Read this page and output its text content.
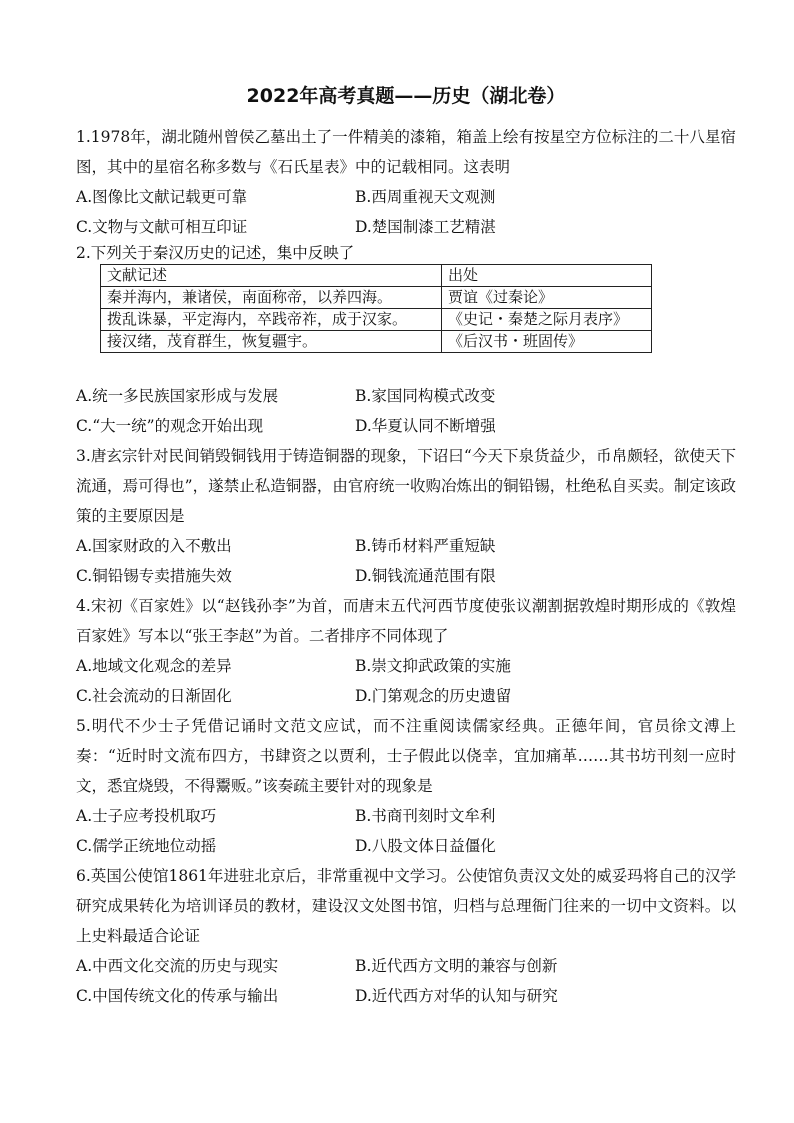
2022年高考真题——历史（湖北卷）

1.1978年，湖北随州曾侯乙墓出土了一件精美的漆箱，箱盖上绘有按星空方位标注的二十八星宿图，其中的星宿名称多数与《石氏星表》中的记载相同。这表明

A.图像比文献记载更可靠	B.西周重视天文观测
C.文物与文献可相互印证	D.楚国制漆工艺精湛

2.下列关于秦汉历史的记述，集中反映了

文献记述	出处
秦并海内，兼诸侯，南面称帝，以养四海。	贾谊《过秦论》
拨乱诛暴，平定海内，卒践帝祚，成于汉家。	《史记・秦楚之际月表序》
接汉绪，茂育群生，恢复疆宇。	《后汉书・班固传》
A.统一多民族国家形成与发展	B.家国同构模式改变
C.“大一统”的观念开始出现	D.华夏认同不断增强

3.唐玄宗针对民间销毁铜钱用于铸造铜器的现象，下诏曰“今天下泉货益少，币帛颇轻，欲使天下流通，焉可得也”，遂禁止私造铜器，由官府统一收购冶炼出的铜铅锡，杜绝私自买卖。制定该政策的主要原因是

A.国家财政的入不敷出	B.铸币材料严重短缺
C.铜铅锡专卖措施失效	D.铜钱流通范围有限

4.宋初《百家姓》以“赵钱孙李”为首，而唐末五代河西节度使张议潮割据敦煌时期形成的《敦煌百家姓》写本以“张王李赵”为首。二者排序不同体现了

A.地域文化观念的差异	B.崇文抑武政策的实施
C.社会流动的日渐固化	D.门第观念的历史遗留

5.明代不少士子凭借记诵时文范文应试，而不注重阅读儒家经典。正德年间，官员徐文溥上奏：“近时时文流布四方，书肆资之以贾利，士子假此以侥幸，宜加痛革……其书坊刊刻一应时文，悉宜烧毁，不得鬻贩。”该奏疏主要针对的现象是

A.士子应考投机取巧	B.书商刊刻时文牟利
C.儒学正统地位动摇	D.八股文体日益僵化

6.英国公使馆1861年进驻北京后，非常重视中文学习。公使馆负责汉文处的威妥玛将自己的汉学研究成果转化为培训译员的教材，建设汉文处图书馆，归档与总理衙门往来的一切中文资料。以上史料最适合论证

A.中西文化交流的历史与现实	B.近代西方文明的兼容与创新
C.中国传统文化的传承与输出	D.近代西方对华的认知与研究
